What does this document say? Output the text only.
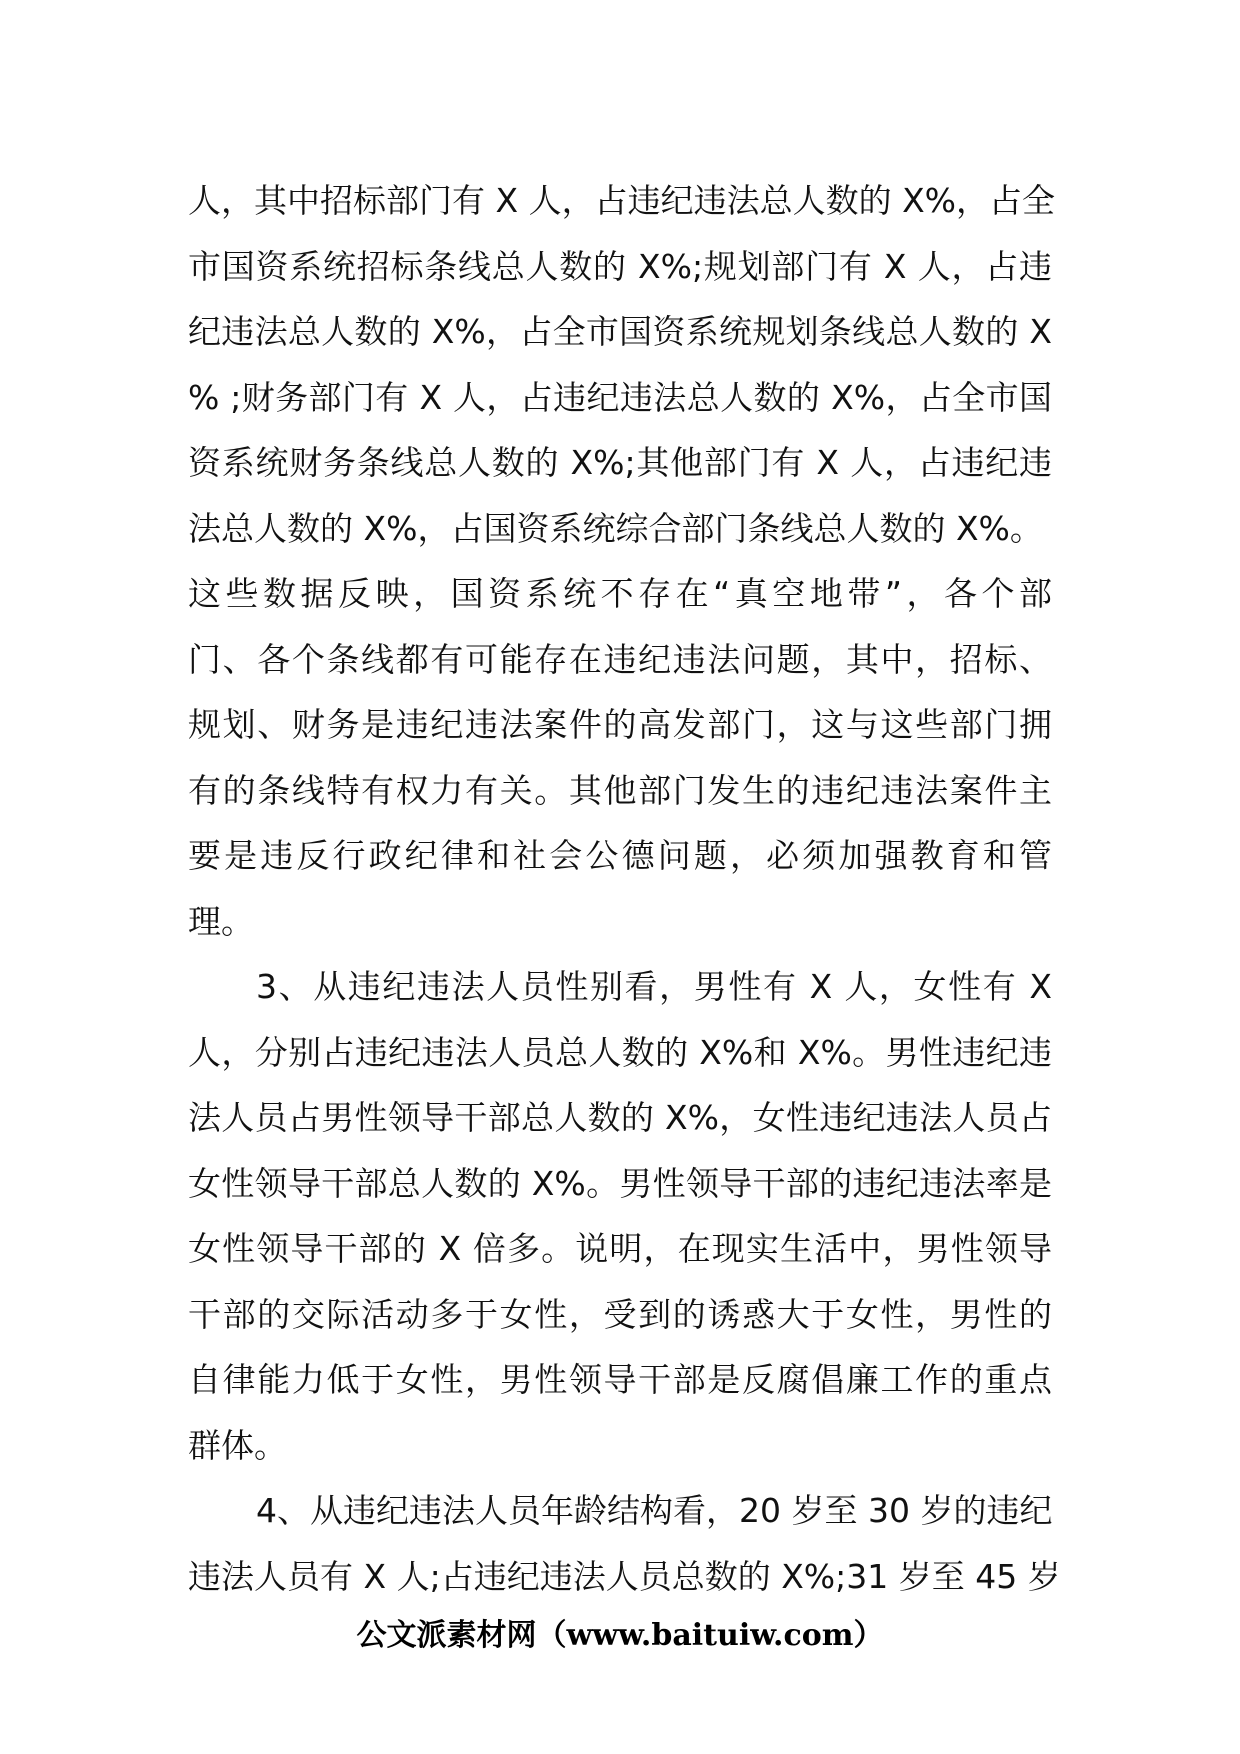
人，其中招标部门有 X 人，占违纪违法总人数的 X%，占全
市国资系统招标条线总人数的 X%;规划部门有 X 人，占违
纪违法总人数的 X%，占全市国资系统规划条线总人数的 X
% ;财务部门有 X 人，占违纪违法总人数的 X%，占全市国
资系统财务条线总人数的 X%;其他部门有 X 人，占违纪违
法总人数的 X%，占国资系统综合部门条线总人数的 X%。
这些数据反映，国资系统不存在“真空地带”，各个部
门、各个条线都有可能存在违纪违法问题，其中，招标、
规划、财务是违纪违法案件的高发部门，这与这些部门拥
有的条线特有权力有关。其他部门发生的违纪违法案件主
要是违反行政纪律和社会公德问题，必须加强教育和管
理。
3、从违纪违法人员性别看，男性有 X 人，女性有 X
人，分别占违纪违法人员总人数的 X%和 X%。男性违纪违
法人员占男性领导干部总人数的 X%，女性违纪违法人员占
女性领导干部总人数的 X%。男性领导干部的违纪违法率是
女性领导干部的 X 倍多。说明，在现实生活中，男性领导
干部的交际活动多于女性，受到的诱惑大于女性，男性的
自律能力低于女性，男性领导干部是反腐倡廉工作的重点
群体。
4、从违纪违法人员年龄结构看，20 岁至 30 岁的违纪
违法人员有 X 人;占违纪违法人员总数的 X%;31 岁至 45 岁
公文派素材网（www.baituiw.com）
